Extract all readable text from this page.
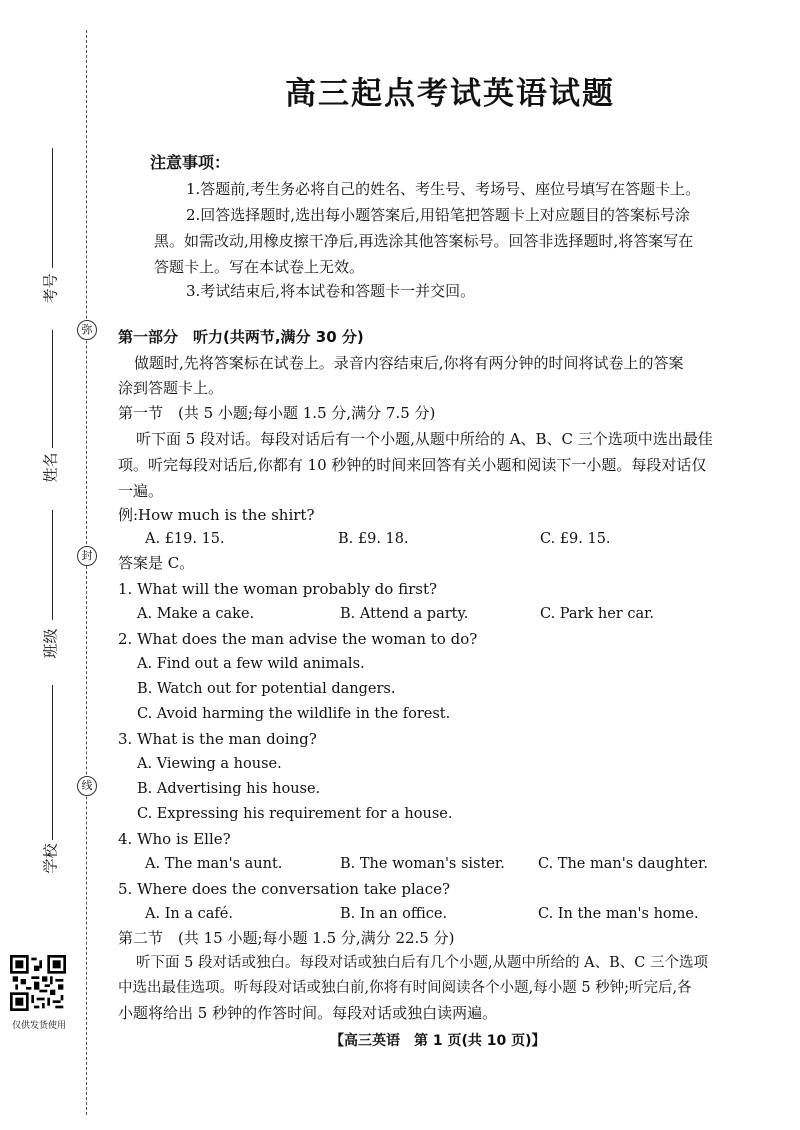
弥
封
线
考号
姓名
班级
学校
仅供发货使用
高三起点考试英语试题
注意事项：
1.答题前,考生务必将自己的姓名、考生号、考场号、座位号填写在答题卡上。
2.回答选择题时,选出每小题答案后,用铅笔把答题卡上对应题目的答案标号涂
黑。如需改动,用橡皮擦干净后,再选涂其他答案标号。回答非选择题时,将答案写在
答题卡上。写在本试卷上无效。
3.考试结束后,将本试卷和答题卡一并交回。
第一部分　听力(共两节,满分 30 分)
做题时,先将答案标在试卷上。录音内容结束后,你将有两分钟的时间将试卷上的答案
涂到答题卡上。
第一节　(共 5 小题;每小题 1.5 分,满分 7.5 分)
听下面 5 段对话。每段对话后有一个小题,从题中所给的 A、B、C 三个选项中选出最佳
项。听完每段对话后,你都有 10 秒钟的时间来回答有关小题和阅读下一小题。每段对话仅
一遍。
例:How much is the shirt?
A. £19. 15.	B. £9. 18.	C. £9. 15.
答案是 C。
1. What will the woman probably do first?
A. Make a cake.	B. Attend a party.	C. Park her car.
2. What does the man advise the woman to do?
A. Find out a few wild animals.
B. Watch out for potential dangers.
C. Avoid harming the wildlife in the forest.
3. What is the man doing?
A. Viewing a house.
B. Advertising his house.
C. Expressing his requirement for a house.
4. Who is Elle?
A. The man's aunt.	B. The woman's sister. C. The man's daughter.
5. Where does the conversation take place?
A. In a café.	B. In an office.	C. In the man's home.
第二节　(共 15 小题;每小题 1.5 分,满分 22.5 分)
听下面 5 段对话或独白。每段对话或独白后有几个小题,从题中所给的 A、B、C 三个选项
中选出最佳选项。听每段对话或独白前,你将有时间阅读各个小题,每小题 5 秒钟;听完后,各
小题将给出 5 秒钟的作答时间。每段对话或独白读两遍。
【高三英语　第 1 页(共 10 页)】
